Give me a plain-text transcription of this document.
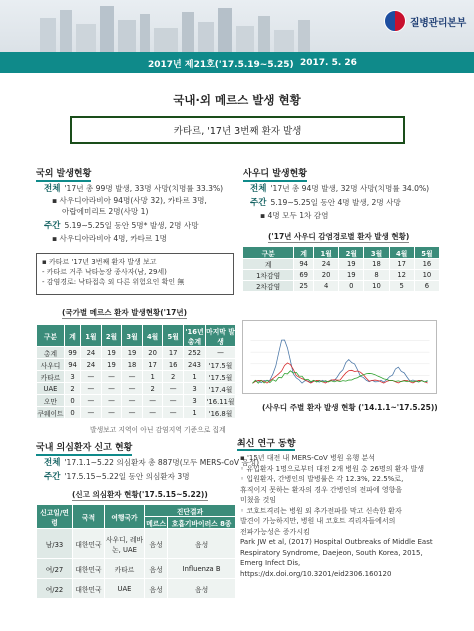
질병관리본부
2017년 제21호('17.5.19~5.25) 2017. 5. 26
국내·외 메르스 발생 현황
카타르, '17년 3번째 환자 발생
국외 발생현황
전체 '17년 총 99명 발생, 33명 사망(치명률 33.3%)
▪ 사우디아라비아 94명(사망 32), 카타르 3명,
아랍에미리트 2명(사망 1)
주간 5.19~5.25일 동안 5명* 발생, 2명 사망
▪ 사우디아라비아 4명, 카타르 1명
▪ 카타르 '17년 3번째 환자 발생 보고
- 카타르 거주 낙타농장 종사자(남, 29세)
- 감염경로: 낙타접촉 외 다른 위험요인 확인 無
사우디 발생현황
전체 '17년 총 94명 발생, 32명 사망(치명률 34.0%)
주간 5.19~5.25일 동안 4명 발생, 2명 사망
▪ 4명 모두 1차 감염
('17년 사우디 감염경로별 환자 발생 현황)
구분	계	1월	2월	3월	4월	5월
계	94	24	19	18	17	16
1차감염	69	20	19	8	12	10
2차감염	25	4	0	10	5	6
(국가별 메르스 환자 발생현황('17년)
구분	계	1월	2월	3월	4월	5월	'16년 총계	마지막 발생
총계	99	24	19	19	20	17	252	—
사우디	94	24	19	18	17	16	243	'17.5월
카타르	3	—	—	—	1	2	1	'17.5월
UAE	2	—	—	—	2	—	3	'17.4월
오만	0	—	—	—	—	—	3	'16.11월
쿠웨이트	0	—	—	—	—	—	1	'16.8월
발생보고 지역이 아닌 감염지역 기준으로 집계
(사우디 주별 환자 발생 현황 ('14.1.1~'17.5.25))
국내 의심환자 신고 현황
전체 '17.1.1~5.22 의심환자 총 887명(모두 MERS-CoV 음성)
주간 '17.5.15~5.22일 동안 의심환자 3명
(신고 의심환자 현황('17.5.15~5.22))
신고일/연령	국적	여행국가	진단결과	
			메르스	호흡기바이러스 8종
남/33	대한민국	사우디, 레바논, UAE	음성	음성
여/27	대한민국	카타르	음성	Influenza B
여/22	대한민국	UAE	음성	음성
최신 연구 동향
▪ '15년 대전 내 MERS-CoV 병원 유행 분석
◦ 유입환자 1명으로부터 대전 2개 병원 총 26명의 환자 발생
◦ 입원환자, 간병인의 발병률은 각 12.3%, 22.5%로,
휴직이지 못하는 환자의 경우 간병인의 전파에 영향을
미쳤을 것임
◦ 코호트격리는 병원 외 추가전파를 막고 신속한 환자
발견이 가능하지만, 병원 내 코호트 격리자들에서의
전파가능성은 증가시킴
Park JW et al, (2017) Hospital Outbreaks of Middle East
Respiratory Syndrome, Daejeon, South Korea, 2015,
Emerg Infect Dis,
https://dx.doi.org/10.3201/eid2306.160120
